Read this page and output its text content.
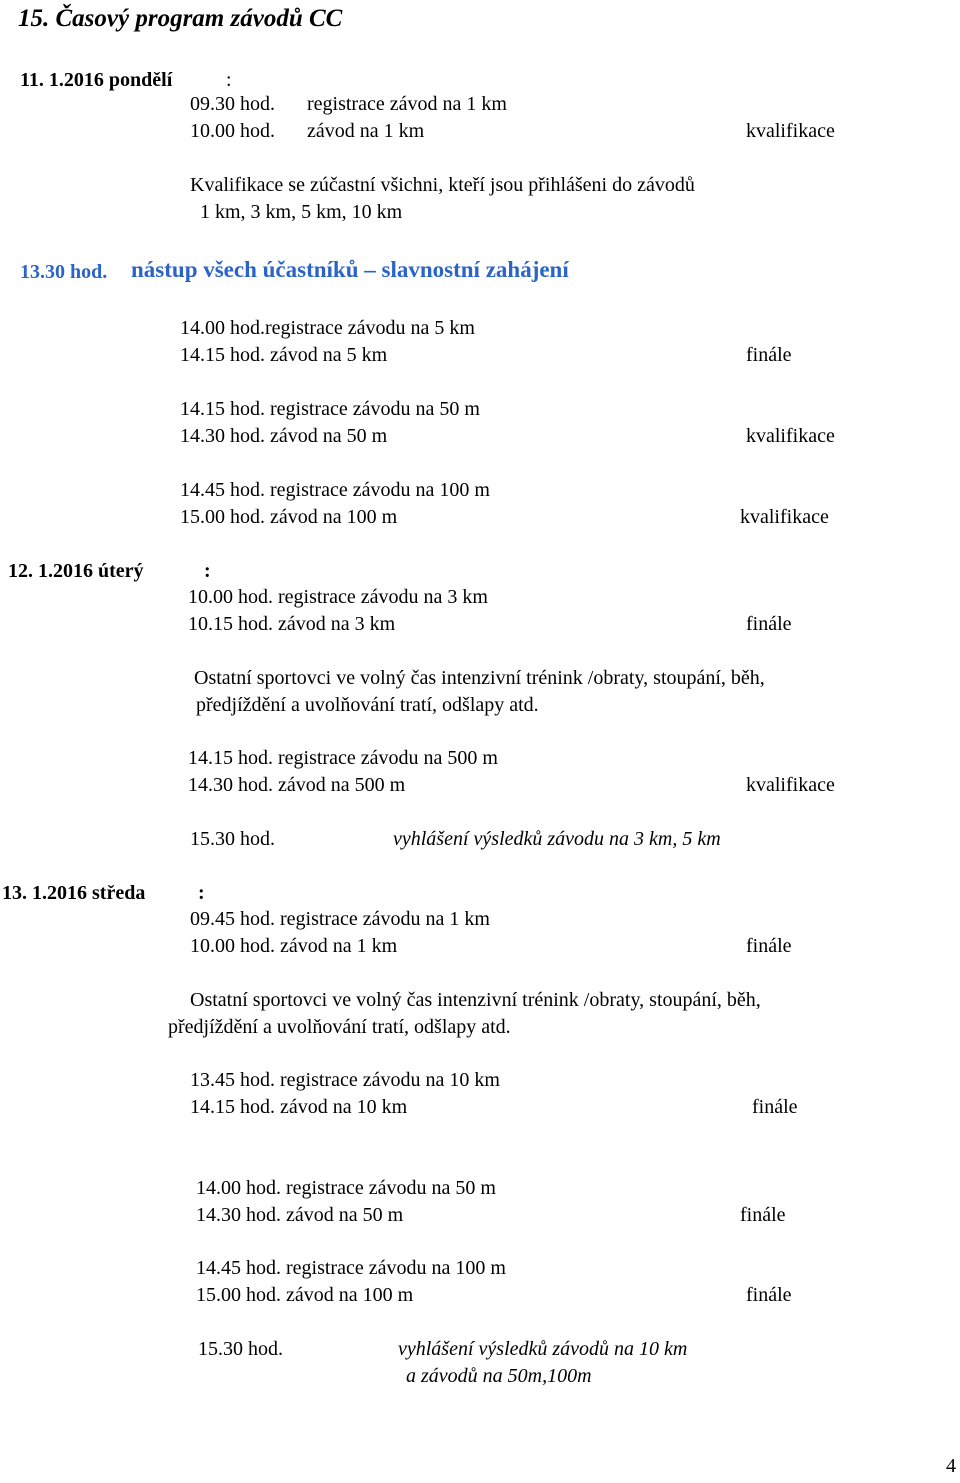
15. Časový program závodů CC
11. 1.2016 pondělí	:
09.30 hod. registrace závod na 1 km
10.00 hod. závod na 1 km	kvalifikace
Kvalifikace se zúčastní všichni, kteří jsou přihlášeni do závodů
1 km, 3 km, 5 km, 10 km
13.30 hod. nástup všech účastníků – slavnostní zahájení
14.00 hod.registrace závodu na 5 km
14.15 hod. závod na 5 km	finále
14.15 hod. registrace závodu na 50 m
14.30 hod. závod na 50 m	kvalifikace
14.45 hod. registrace závodu na 100 m
15.00 hod. závod na 100 m	kvalifikace
12. 1.2016 úterý	:
10.00 hod. registrace závodu na 3 km
10.15 hod. závod na 3 km	finále
Ostatní sportovci ve volný čas intenzivní trénink /obraty, stoupání, běh,
předjíždění a uvolňování tratí, odšlapy atd.
14.15 hod. registrace závodu na 500 m
14.30 hod. závod na 500 m	kvalifikace
15.30 hod.	vyhlášení výsledků závodu na 3 km, 5 km
13. 1.2016 středa	:
09.45 hod. registrace závodu na 1 km
10.00 hod. závod na 1 km	finále
Ostatní sportovci ve volný čas intenzivní trénink /obraty, stoupání, běh,
předjíždění a uvolňování tratí, odšlapy atd.
13.45 hod. registrace závodu na 10 km
14.15 hod. závod na 10 km	finále
14.00 hod. registrace závodu na 50 m
14.30 hod. závod na 50 m	finále
14.45 hod. registrace závodu na 100 m
15.00 hod. závod na 100 m	finále
15.30 hod.	vyhlášení výsledků závodů na 10 km
a závodů na 50m,100m
4
